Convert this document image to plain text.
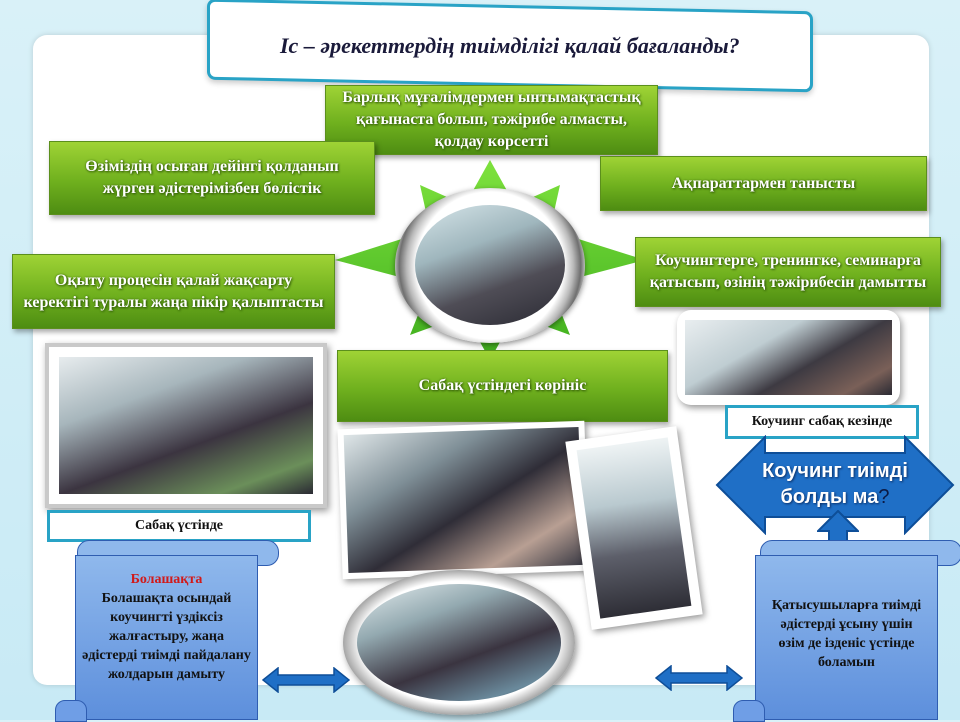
Іс – әрекеттердің тиімділігі қалай бағаланды?
Барлық мұғалімдермен ынтымақтастық қағынаста болып, тәжірибе алмасты, қолдау көрсетті
Өзіміздің осыған дейінгі қолданып жүрген әдістерімізбен бөлістік	Ақпараттармен танысты
Оқыту процесін қалай жақсарту керектігі туралы жаңа пікір қалыптасты
Коучингтерге, тренингке, семинарға қатысып, өзінің тәжірибесін дамытты
Сабақ үстіндегі көрініс
Сабақ үстінде
Коучинг сабақ кезінде
Коучинг тиімді болды ма?
Болашақта
Болашақта осындай коучингті үздіксіз жалғастыру, жаңа әдістерді тиімді пайдалану жолдарын дамыту
Қатысушыларға тиімді әдістерді ұсыну үшін өзім де ізденіс үстінде боламын
